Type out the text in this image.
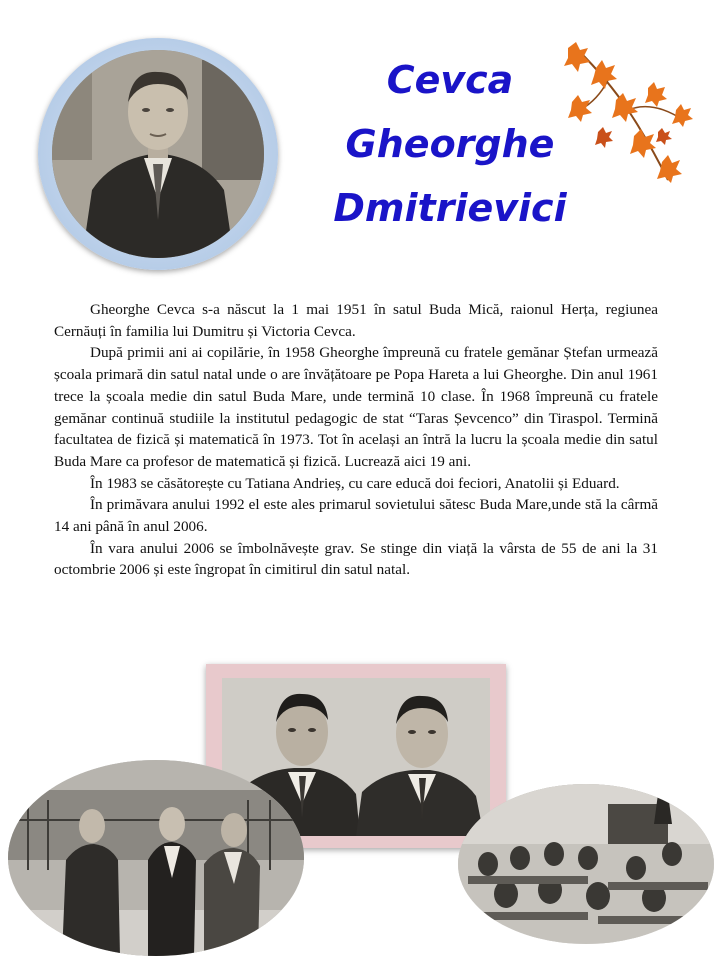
Cevca
Gheorghe
Dmitrievici

Gheorghe Cevca s-a născut la 1 mai 1951 în satul Buda Mică, raionul Herța, regiunea Cernăuți în familia lui Dumitru și Victoria Cevca.

După primii ani ai copilărie, în 1958 Gheorghe împreună cu fratele gemănar Ștefan urmează școala primară din satul natal unde o are învățătoare pe Popa Hareta a lui Gheorghe. Din anul 1961 trece la școala medie din satul Buda Mare, unde termină 10 clase. În 1968 împreună cu fratele gemănar continuă studiile la institutul pedagogic de stat “Taras Șevcenco” din Tiraspol. Termină facultatea de fizică și matematică în 1973. Tot în același an întră la lucru la școala medie din satul Buda Mare ca profesor de matematică și fizică. Lucrează aici 19 ani.

În 1983 se căsătorește cu Tatiana Andrieș, cu care educă doi feciori, Anatolii și Eduard.

În primăvara anului 1992 el este ales primarul sovietului sătesc Buda Mare,unde stă la cârmă 14 ani până în anul 2006.

În vara anului 2006 se îmbolnăvește grav. Se stinge din viață la vârsta de 55 de ani la 31 octombrie 2006 și este îngropat în cimitirul din satul natal.
